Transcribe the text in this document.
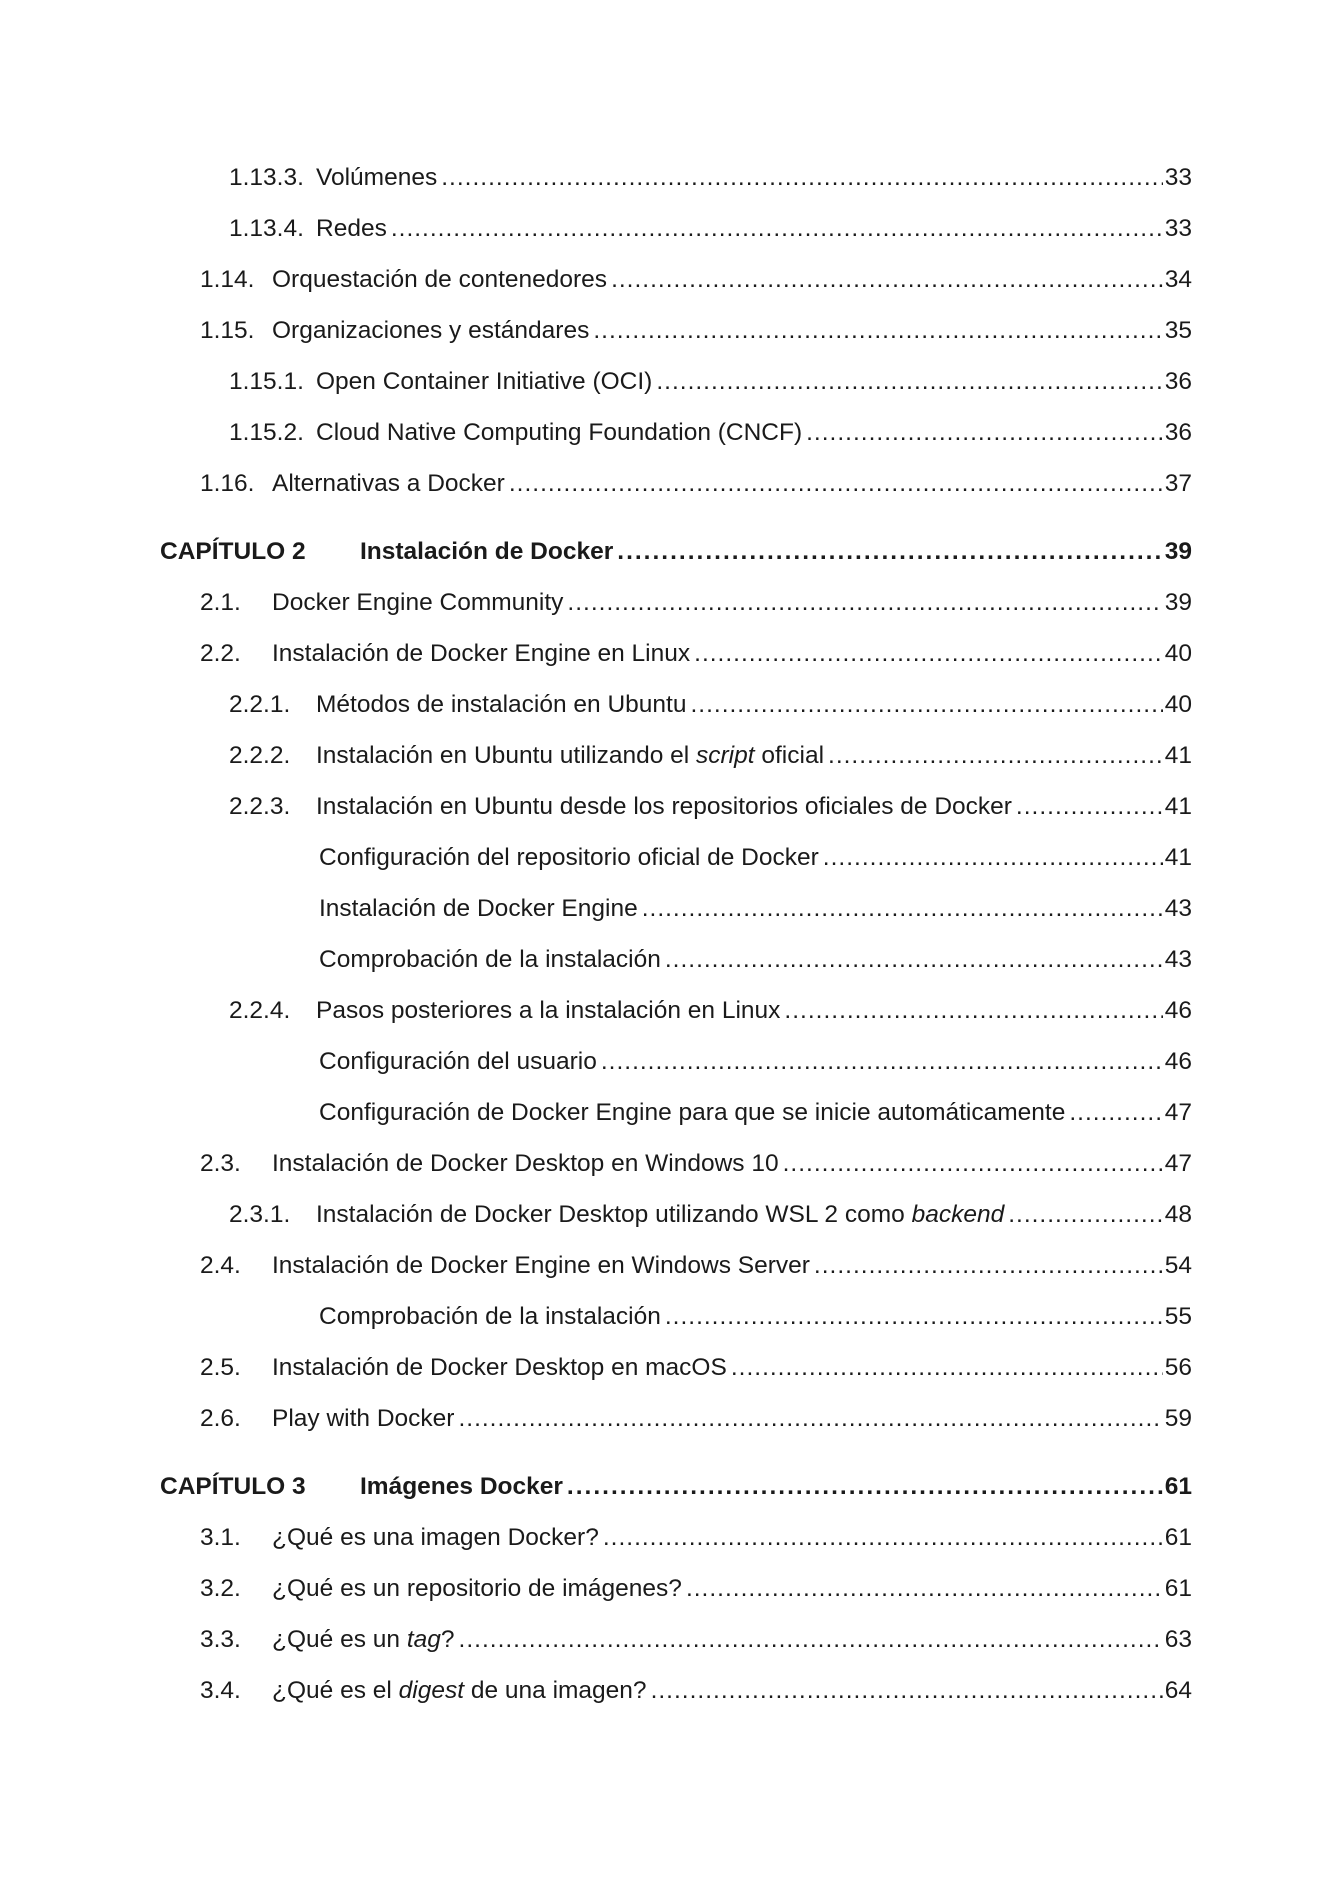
1.13.3. Volúmenes .....	33
1.13.4. Redes .....	33
1.14. Orquestación de contenedores .....	34
1.15. Organizaciones y estándares .....	35
1.15.1. Open Container Initiative (OCI) .....	36
1.15.2. Cloud Native Computing Foundation (CNCF) .....	36
1.16. Alternativas a Docker .....	37
CAPÍTULO 2 Instalación de Docker .....	39
2.1. Docker Engine Community .....	39
2.2. Instalación de Docker Engine en Linux .....	40
2.2.1. Métodos de instalación en Ubuntu .....	40
2.2.2. Instalación en Ubuntu utilizando el script oficial .....	41
2.2.3. Instalación en Ubuntu desde los repositorios oficiales de Docker .....	41
Configuración del repositorio oficial de Docker .....	41
Instalación de Docker Engine .....	43
Comprobación de la instalación .....	43
2.2.4. Pasos posteriores a la instalación en Linux .....	46
Configuración del usuario .....	46
Configuración de Docker Engine para que se inicie automáticamente .....	47
2.3. Instalación de Docker Desktop en Windows 10 .....	47
2.3.1. Instalación de Docker Desktop utilizando WSL 2 como backend .....	48
2.4. Instalación de Docker Engine en Windows Server .....	54
Comprobación de la instalación .....	55
2.5. Instalación de Docker Desktop en macOS .....	56
2.6. Play with Docker .....	59
CAPÍTULO 3 Imágenes Docker .....	61
3.1. ¿Qué es una imagen Docker? .....	61
3.2. ¿Qué es un repositorio de imágenes? .....	61
3.3. ¿Qué es un tag? .....	63
3.4. ¿Qué es el digest de una imagen? .....	64
